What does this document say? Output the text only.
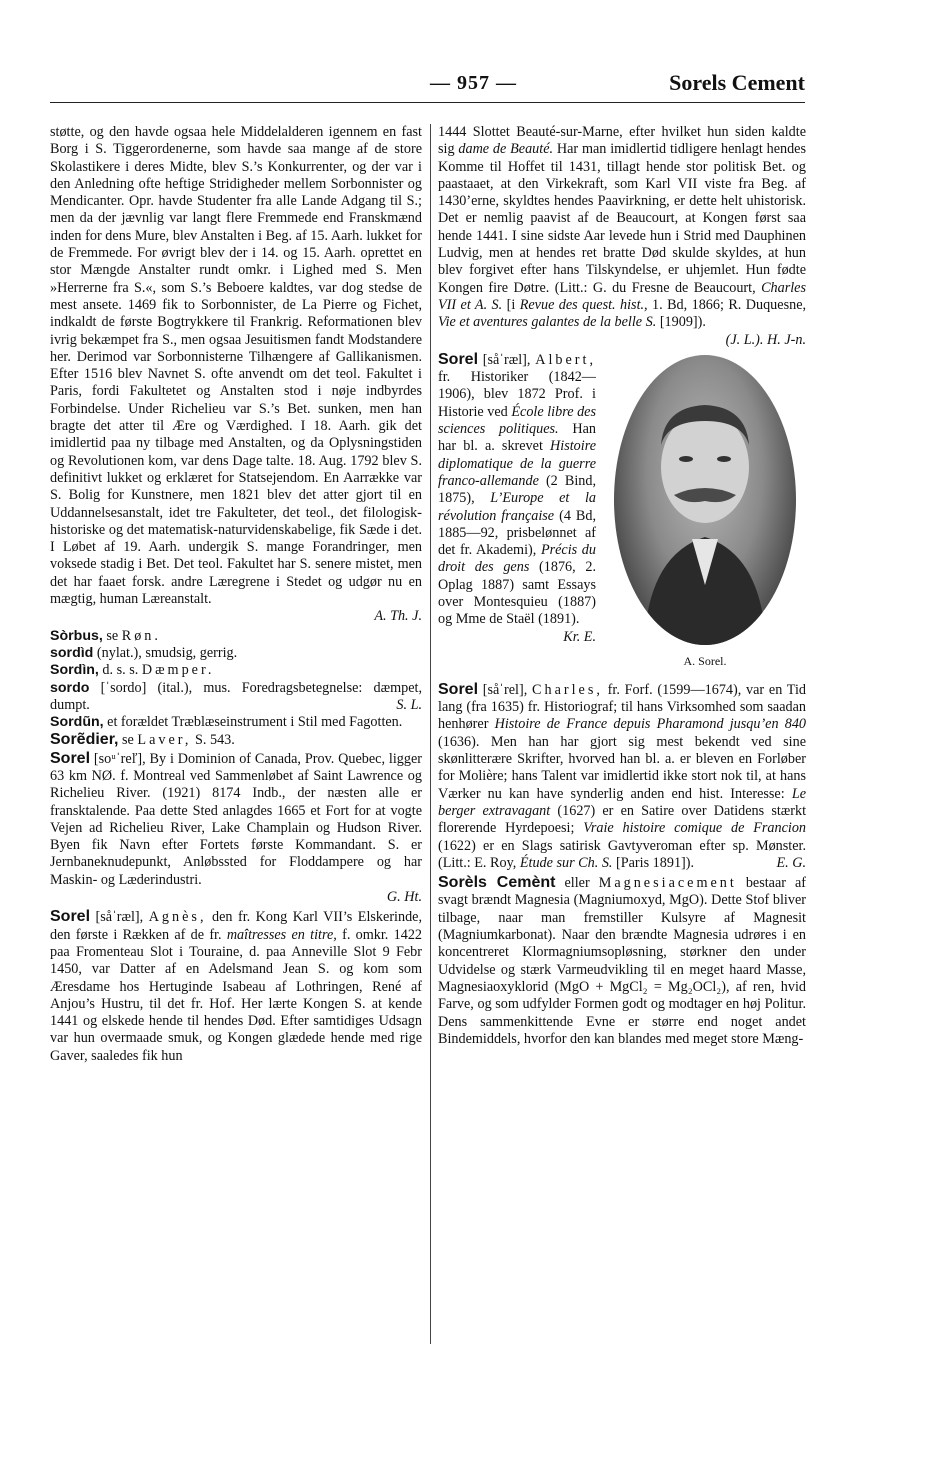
— 957 —	Sorels Cement

støtte, og den havde ogsaa hele Middelalderen igennem en fast Borg i S. Tiggerordenerne, som havde saa mange af de store Skolastikere i deres Midte, blev S.’s Konkurrenter, og der var i den Anledning ofte heftige Stridigheder mellem Sorbonnister og Mendicanter. Opr. havde Studenter fra alle Lande Adgang til S.; men da der jævnlig var langt flere Fremmede end Franskmænd inden for dens Mure, blev Anstalten i Beg. af 15. Aarh. lukket for de Fremmede. For øvrigt blev der i 14. og 15. Aarh. oprettet en stor Mængde Anstalter rundt omkr. i Lighed med S. Men »Herrerne fra S.«, som S.’s Beboere kaldtes, var dog stedse de mest ansete. 1469 fik to Sorbonnister, de La Pierre og Fichet, indkaldt de første Bogtrykkere til Frankrig. Reformationen blev ivrig bekæmpet fra S., men ogsaa Jesuitismen fandt Modstandere her. Derimod var Sorbonnisterne Tilhængere af Gallikanismen. Efter 1516 blev Navnet S. ofte anvendt om det teol. Fakultet i Paris, fordi Fakultetet og Anstalten stod i nøje indbyrdes Forbindelse. Under Richelieu var S.’s Bet. sunken, men han bragte det atter til Ære og Værdighed. I 18. Aarh. gik det imidlertid paa ny tilbage med Anstalten, og da Oplysningstiden og Revolutionen kom, var dens Dage talte. 18. Aug. 1792 blev S. definitivt lukket og erklæret for Statsejendom. En Aarrække var S. Bolig for Kunstnere, men 1821 blev det atter gjort til en Uddannelsesanstalt, idet tre Fakulteter, det teol., det filologisk-historiske og det matematisk-naturvidenskabelige, fik Sæde i det. I Løbet af 19. Aarh. undergik S. mange Forandringer, men voksede stadig i Bet. Det teol. Fakultet har S. senere mistet, men det har faaet forsk. andre Læregrene i Stedet og udgør nu en mægtig, human Læreanstalt.

A. Th. J.

Sòrbus, se Røn.

sordìd (nylat.), smudsig, gerrig.

Sordìn, d. s. s. Dæmper.

sordo [ˈsordo] (ital.), mus. Foredragsbetegnelse: dæmpet, dumpt.	S. L.

Sordũn, et forældet Træblæseinstrument i Stil med Fagotten.

Sorẽdier, se Laver, S. 543.

Sorel [soᵘˈreľ], By i Dominion of Canada, Prov. Quebec, ligger 63 km NØ. f. Montreal ved Sammenløbet af Saint Lawrence og Richelieu River. (1921) 8174 Indb., der næsten alle er fransktalende. Paa dette Sted anlagdes 1665 et Fort for at vogte Vejen ad Richelieu River, Lake Champlain og Hudson River. Byen fik Navn efter Fortets første Kommandant. S. er Jernbaneknudepunkt, Anløbssted for Floddampere og har Maskin- og Læderindustri.

G. Ht.

Sorel [såˈræl], Agnès, den fr. Kong Karl VII’s Elskerinde, den første i Rækken af de fr. maîtresses en titre, f. omkr. 1422 paa Fromenteau Slot i Touraine, d. paa Anneville Slot 9 Febr 1450, var Datter af en Adelsmand Jean S. og kom som Æresdame hos Hertuginde Isabeau af Lothringen, René af Anjou’s Hustru, til det fr. Hof. Her lærte Kongen S. at kende 1441 og elskede hende til hendes Død. Efter samtidiges Udsagn var hun overmaade smuk, og Kongen glædede hende med rige Gaver, saaledes fik hun

1444 Slottet Beauté-sur-Marne, efter hvilket hun siden kaldte sig dame de Beauté. Har man imidlertid tidligere henlagt hendes Komme til Hoffet til 1431, tillagt hende stor politisk Bet. og paastaaet, at den Virkekraft, som Karl VII viste fra Beg. af 1430’erne, skyldtes hendes Paavirkning, er dette helt uhistorisk. Det er nemlig paavist af de Beaucourt, at Kongen først saa hende 1441. I sine sidste Aar levede hun i Strid med Dauphinen Ludvig, men at hendes ret bratte Død skulde skyldes, at hun blev forgivet efter hans Tilskyndelse, er uhjemlet. Hun fødte Kongen fire Døtre. (Litt.: G. du Fresne de Beaucourt, Charles VII et A. S. [i Revue des quest. hist., 1. Bd, 1866; R. Duquesne, Vie et aventures galantes de la belle S. [1909]).

(J. L.). H. J-n.

A. Sorel.

Sorel [såˈræl], Albert, fr. Historiker (1842—1906), blev 1872 Prof. i Historie ved École libre des sciences politiques. Han har bl. a. skrevet Histoire diplomatique de la guerre franco-allemande (2 Bind, 1875), L’Europe et la révolution française (4 Bd, 1885—92, prisbelønnet af det fr. Akademi), Précis du droit des gens (1876, 2. Oplag 1887) samt Essays over Montesquieu (1887) og Mme de Staël (1891).
Kr. E.

Sorel [såˈrel], Charles, fr. Forf. (1599—1674), var en Tid lang (fra 1635) fr. Historiograf; til hans Virksomhed som saadan henhører Histoire de France depuis Pharamond jusqu’en 840 (1636). Men han har gjort sig mest bekendt ved sine skønlitterære Skrifter, hvorved han bl. a. er bleven en Forløber for Molière; hans Talent var imidlertid ikke stort nok til, at hans Værker nu kan have synderlig anden end hist. Interesse: Le berger extravagant (1627) er en Satire over Datidens stærkt florerende Hyrdepoesi; Vraie histoire comique de Francion (1622) er en Slags satirisk Gavtyveroman efter sp. Mønster. (Litt.: E. Roy, Étude sur Ch. S. [Paris 1891]).	E. G.

Sorèls Cemènt eller Magnesiacement bestaar af svagt brændt Magnesia (Magniumoxyd, MgO). Dette Stof bliver tilbage, naar man fremstiller Kulsyre af Magnesit (Magniumkarbonat). Naar den brændte Magnesia udrøres i en koncentreret Klormagniumsopløsning, størkner den under Udvidelse og stærk Varmeudvikling til en meget haard Masse, Magnesiaoxyklorid (MgO + MgCl₂ = Mg₂OCl₂), af ren, hvid Farve, og som udfylder Formen godt og modtager en høj Politur. Dens sammenkittende Evne er større end noget andet Bindemiddels, hvorfor den kan blandes med meget store Mæng-
